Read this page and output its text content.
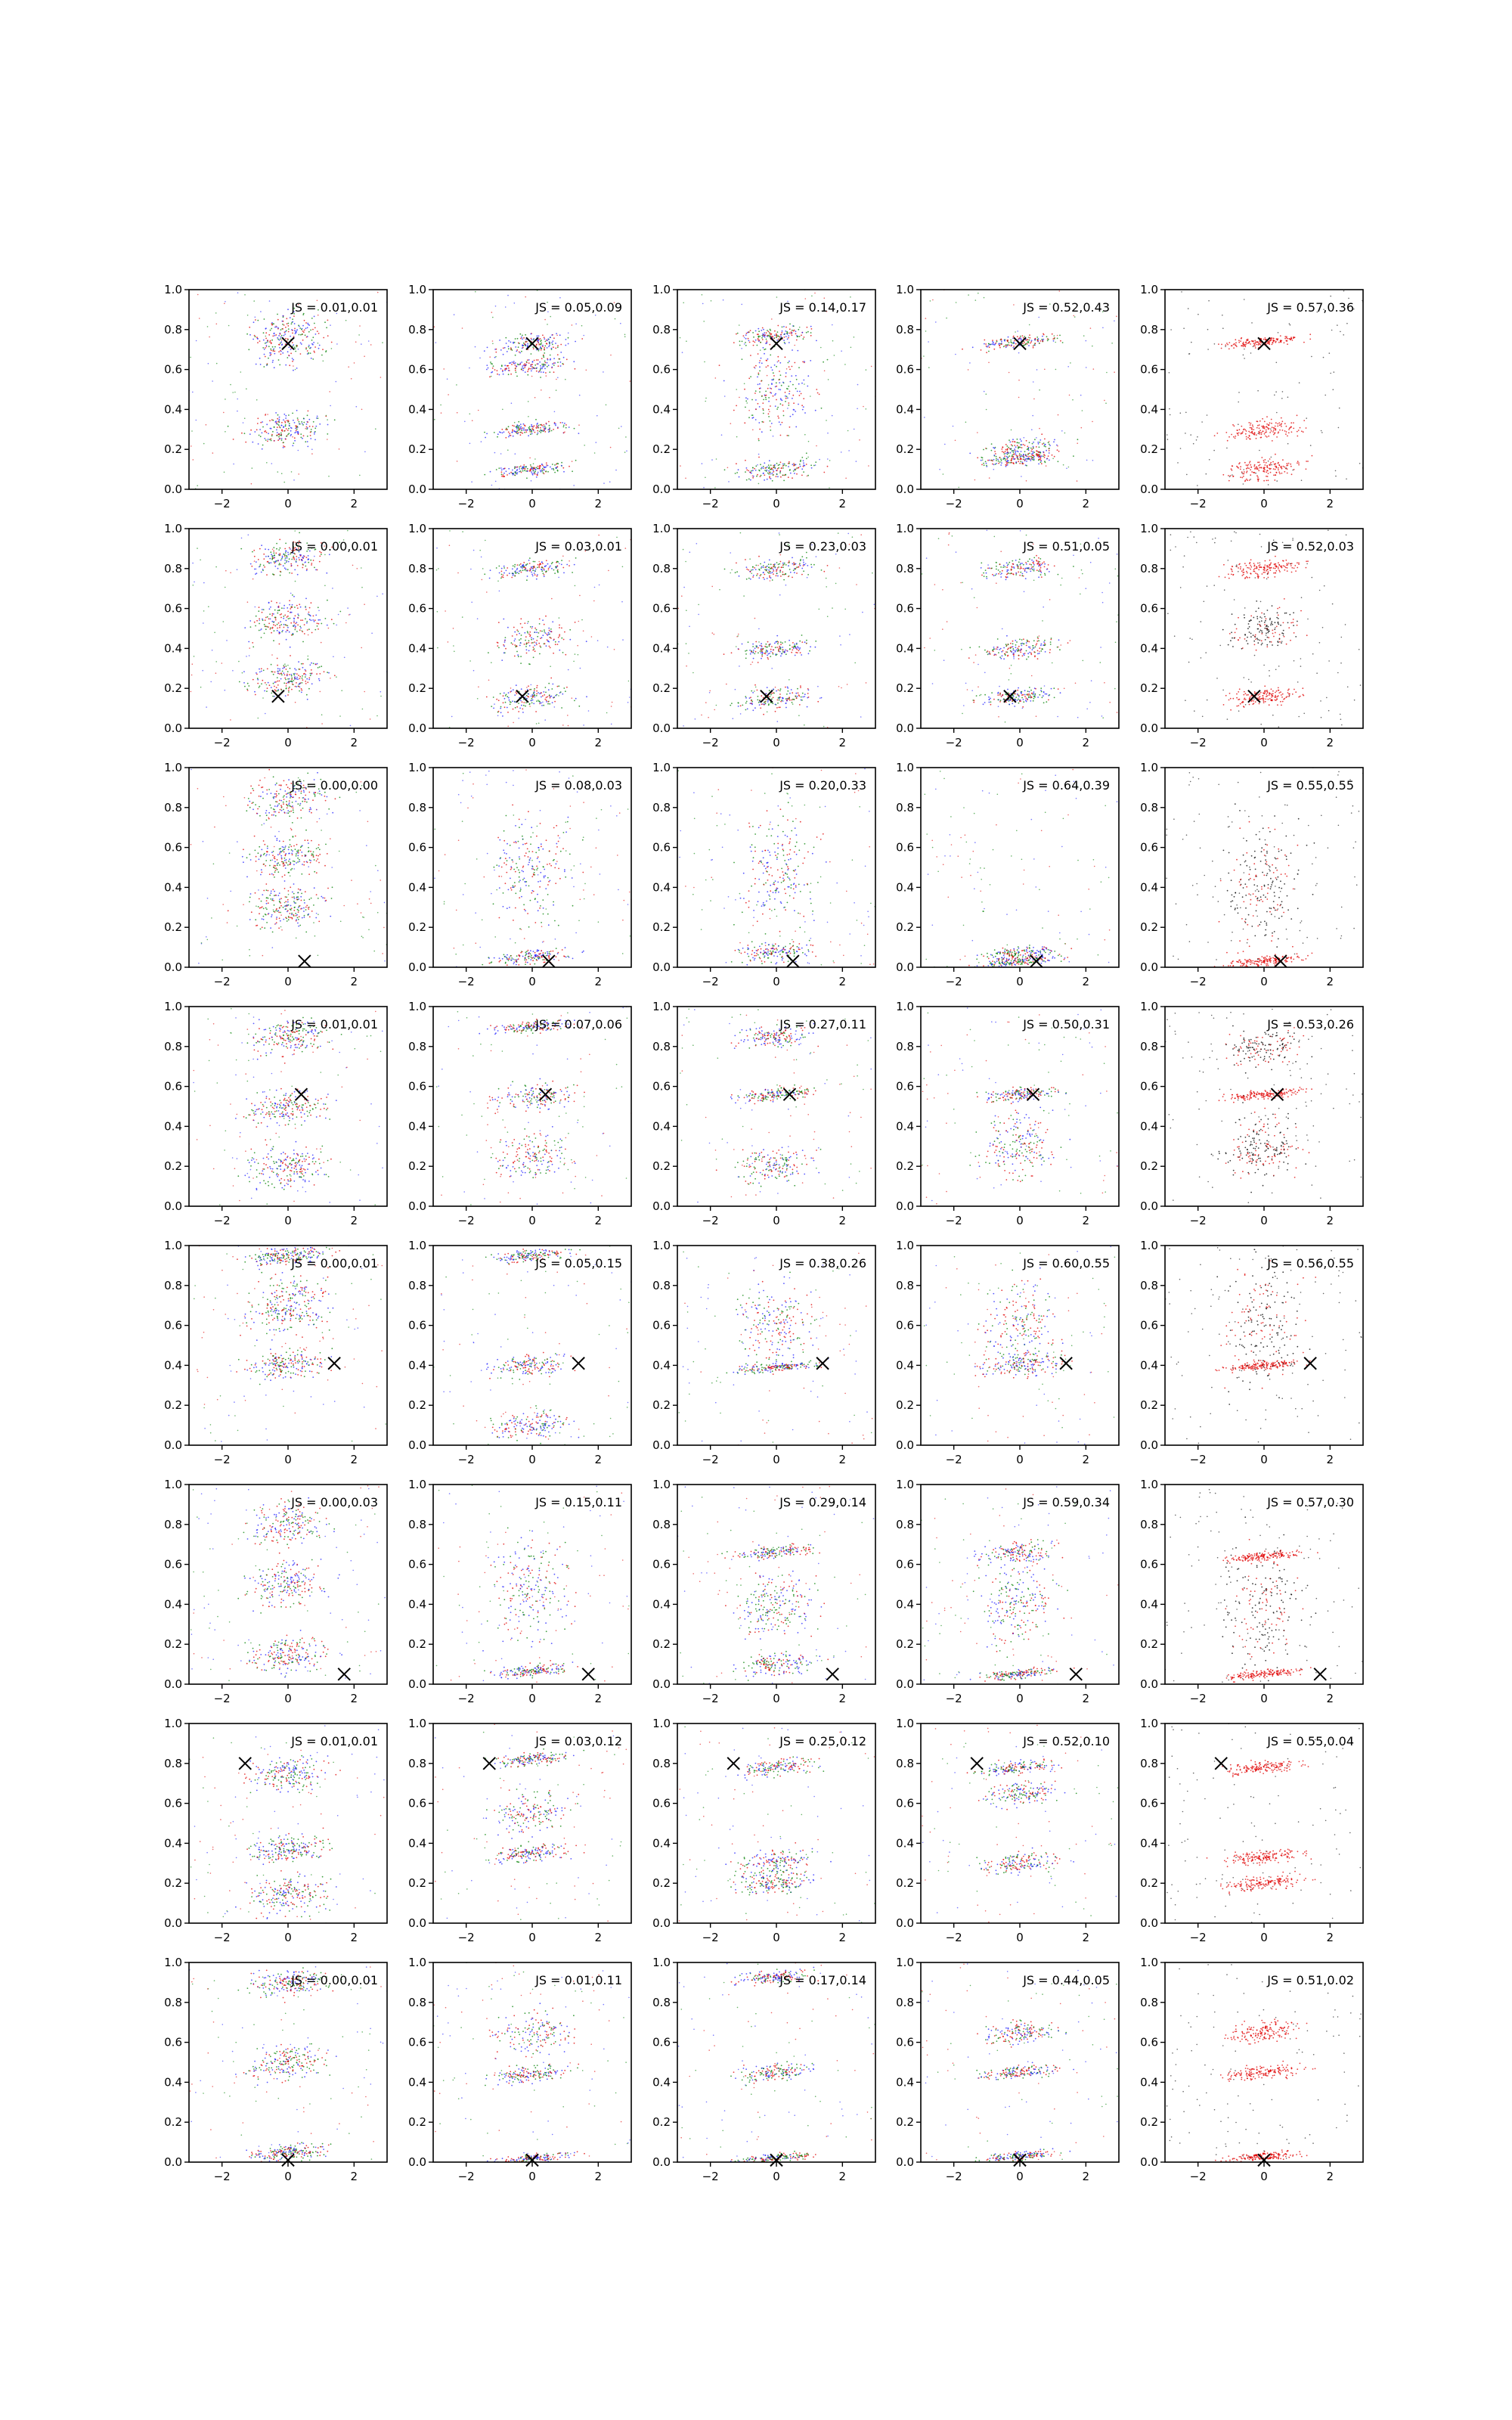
0.0
0.2
0.4
0.6
0.8
1.0
−2	0	2
JS = 0.01,0.01
0.0
0.2
0.4
0.6
0.8
1.0
−2	0	2
JS = 0.05,0.09
0.0
0.2
0.4
0.6
0.8
1.0
−2	0	2
JS = 0.14,0.17
0.0
0.2
0.4
0.6
0.8
1.0
−2	0	2
JS = 0.52,0.43
0.0
0.2
0.4
0.6
0.8
1.0
−2	0	2
JS = 0.57,0.36
0.0
0.2
0.4
0.6
0.8
1.0
−2	0	2
JS = 0.00,0.01
0.0
0.2
0.4
0.6
0.8
1.0
−2	0	2
JS = 0.03,0.01
0.0
0.2
0.4
0.6
0.8
1.0
−2	0	2
JS = 0.23,0.03
0.0
0.2
0.4
0.6
0.8
1.0
−2	0	2
JS = 0.51,0.05
0.0
0.2
0.4
0.6
0.8
1.0
−2	0	2
JS = 0.52,0.03
0.0
0.2
0.4
0.6
0.8
1.0
−2	0	2
JS = 0.00,0.00
0.0
0.2
0.4
0.6
0.8
1.0
−2	0	2
JS = 0.08,0.03
0.0
0.2
0.4
0.6
0.8
1.0
−2	0	2
JS = 0.20,0.33
0.0
0.2
0.4
0.6
0.8
1.0
−2	0	2
JS = 0.64,0.39
0.0
0.2
0.4
0.6
0.8
1.0
−2	0	2
JS = 0.55,0.55
0.0
0.2
0.4
0.6
0.8
1.0
−2	0	2
JS = 0.01,0.01
0.0
0.2
0.4
0.6
0.8
1.0
−2	0	2
JS = 0.07,0.06
0.0
0.2
0.4
0.6
0.8
1.0
−2	0	2
JS = 0.27,0.11
0.0
0.2
0.4
0.6
0.8
1.0
−2	0	2
JS = 0.50,0.31
0.0
0.2
0.4
0.6
0.8
1.0
−2	0	2
JS = 0.53,0.26
0.0
0.2
0.4
0.6
0.8
1.0
−2	0	2
JS = 0.00,0.01
0.0
0.2
0.4
0.6
0.8
1.0
−2	0	2
JS = 0.05,0.15
0.0
0.2
0.4
0.6
0.8
1.0
−2	0	2
JS = 0.38,0.26
0.0
0.2
0.4
0.6
0.8
1.0
−2	0	2
JS = 0.60,0.55
0.0
0.2
0.4
0.6
0.8
1.0
−2	0	2
JS = 0.56,0.55
0.0
0.2
0.4
0.6
0.8
1.0
−2	0	2
JS = 0.00,0.03
0.0
0.2
0.4
0.6
0.8
1.0
−2	0	2
JS = 0.15,0.11
0.0
0.2
0.4
0.6
0.8
1.0
−2	0	2
JS = 0.29,0.14
0.0
0.2
0.4
0.6
0.8
1.0
−2	0	2
JS = 0.59,0.34
0.0
0.2
0.4
0.6
0.8
1.0
−2	0	2
JS = 0.57,0.30
0.0
0.2
0.4
0.6
0.8
1.0
−2	0	2
JS = 0.01,0.01
0.0
0.2
0.4
0.6
0.8
1.0
−2	0	2
JS = 0.03,0.12
0.0
0.2
0.4
0.6
0.8
1.0
−2	0	2
JS = 0.25,0.12
0.0
0.2
0.4
0.6
0.8
1.0
−2	0	2
JS = 0.52,0.10
0.0
0.2
0.4
0.6
0.8
1.0
−2	0	2
JS = 0.55,0.04
0.0
0.2
0.4
0.6
0.8
1.0
−2	0	2
JS = 0.00,0.01
0.0
0.2
0.4
0.6
0.8
1.0
−2	0	2
JS = 0.01,0.11
0.0
0.2
0.4
0.6
0.8
1.0
−2	0	2
JS = 0.17,0.14
0.0
0.2
0.4
0.6
0.8
1.0
−2	0	2
JS = 0.44,0.05
0.0
0.2
0.4
0.6
0.8
1.0
−2	0	2
JS = 0.51,0.02
